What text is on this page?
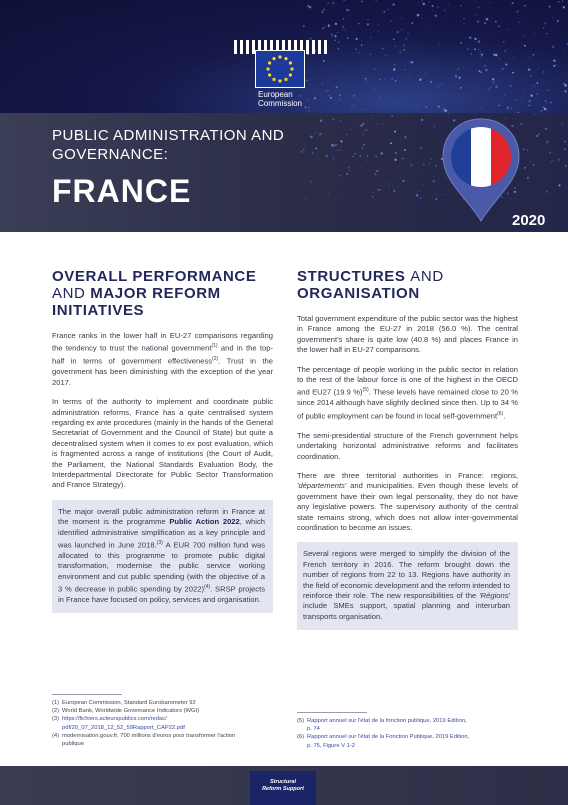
European
Commission
PUBLIC ADMINISTRATION AND
GOVERNANCE:
FRANCE
2020
OVERALL PERFORMANCE
AND MAJOR REFORM
INITIATIVES

France ranks in the lower half in EU-27 comparisons regarding the tendency to trust the national government$^{(1)}$ and in the top-half in terms of government effectiveness$^{(2)}$. Trust in the government has been diminishing with the exception of the year 2017.

In terms of the authority to implement and coordinate public administration reforms, France has a quite centralised system regarding ex ante procedures (mainly in the hands of the General Secretariat of Government and the Council of State) but quite a decentralised system when it comes to ex post evaluation, which is fragmented across a range of institutions (the Court of Audit, the Parliament, the National Standards Evaluation Body, the Interdepartmental Directorate for Public Sector Transformation and France Strategy).

The major overall public administration reform in France at the moment is the programme Public Action 2022, which identified administrative simplification as a key principle and was launched in June 2018.$^{(3)}$ A EUR 700 million fund was allocated to this programme to promote public digital transformation, modernise the public service working environment and cut public spending (with the objective of a 3 % decrease in public spending by 2022)$^{(4)}$. SRSP projects in France have focused on policy, services and organisation.

STRUCTURES AND
ORGANISATION

Total government expenditure of the public sector was the highest in France among the EU-27 in 2018 (56.0 %). The central government's share is quite low (40.8 %) and places France in the lower half in EU-27 comparisons.

The percentage of people working in the public sector in relation to the rest of the labour force is one of the highest in the OECD and EU27 (19.9 %)$^{(5)}$. These levels have remained close to 20 % since 2014 although have slightly declined since then. Up to 34 % of public employment can be found in local self-government$^{(6)}$.

The semi-presidential structure of the French government helps undertaking horizontal administrative reforms and facilitates coordination.

There are three territorial authorities in France: regions, 'départements' and municipalities. Even though these levels of government have their own legal personality, they do not have any legislative powers. The supervisory authority of the central state remains strong, which does not allow inter-governmental coordination to become an issues.

Several regions were merged to simplify the division of the French territory in 2016. The reform brought down the number of regions from 22 to 13. Regions have authority in the field of economic development and the reform intended to reinforce their role. The new responsibilities of the 'Régions' include SMEs support, spatial planning and interurban transports organisation.

(1) European Commission, Standard Eurobarometer 92
(2) World Bank, Worldwide Governance Indicators (WGI)
(3) https://fichiers.acteurspublics.com/redac/
pdf/20_07_2018_12_52_59Rapport_CAP22.pdf
(4) modernisation.gouv.fr, 700 millions d'euros pour transformer l'action
publique
(5) Rapport annuel sur l'état de la fonction publique, 2019 Edition,
p. 74
(6) Rapport annuel sur l'état de la Fonction Publique, 2019 Edition,
p. 75, Figure V 1-2
Structural
Reform Support
